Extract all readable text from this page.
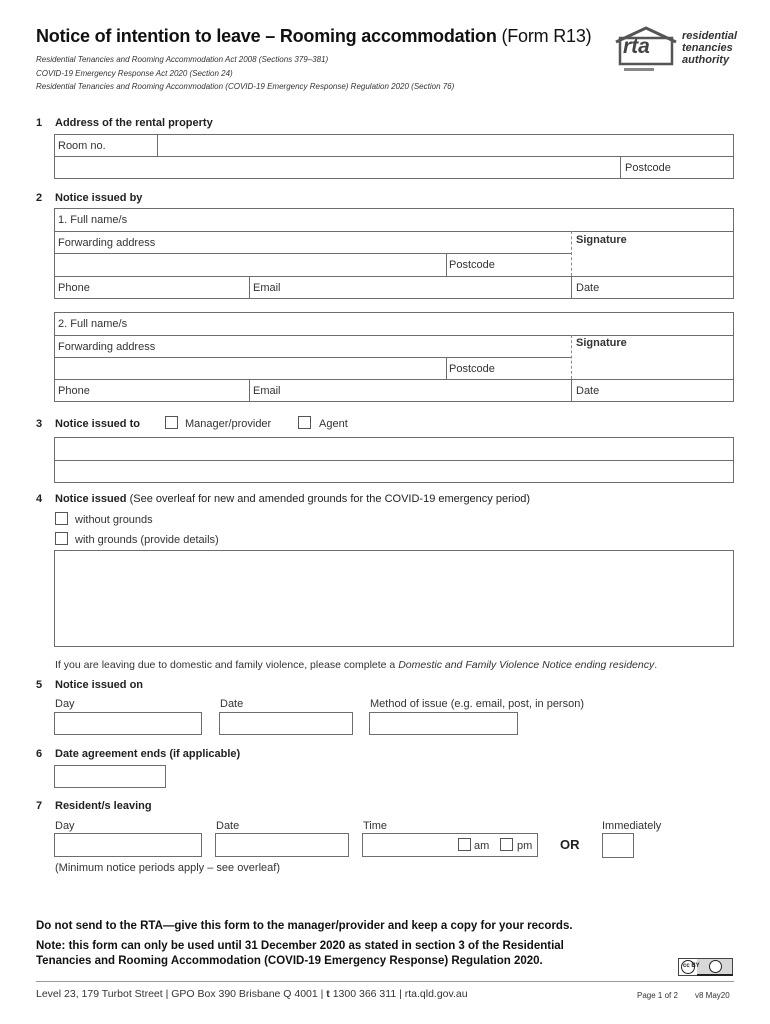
Notice of intention to leave – Rooming accommodation (Form R13)
Residential Tenancies and Rooming Accommodation Act 2008 (Sections 379–381)
COVID-19 Emergency Response Act 2020 (Section 24)
Residential Tenancies and Rooming Accommodation (COVID-19 Emergency Response) Regulation 2020 (Section 76)
rta	residential
tenancies
authority
1 Address of the rental property
Room no.
Postcode
2 Notice issued by
1. Full name/s
Forwarding address
Postcode
Phone	Email
Signature
Date
2. Full name/s
Forwarding address
Postcode
Phone	Email
Signature
Date
3 Notice issued to	Manager/provider	Agent
4 Notice issued (See overleaf for new and amended grounds for the COVID-19 emergency period)
without grounds
with grounds (provide details)
If you are leaving due to domestic and family violence, please complete a Domestic and Family Violence Notice ending residency.
5 Notice issued on
Day	Date	Method of issue (e.g. email, post, in person)
6 Date agreement ends (if applicable)
7 Resident/s leaving
Day	Date	Time	Immediately
am	pm OR
(Minimum notice periods apply – see overleaf)
Do not send to the RTA—give this form to the manager/provider and keep a copy for your records.
Note: this form can only be used until 31 December 2020 as stated in section 3 of the Residential
Tenancies and Rooming Accommodation (COVID-19 Emergency Response) Regulation 2020.	cc BY
Level 23, 179 Turbot Street | GPO Box 390 Brisbane Q 4001 | t 1300 366 311 | rta.qld.gov.au	Page 1 of 2 v8 May20
